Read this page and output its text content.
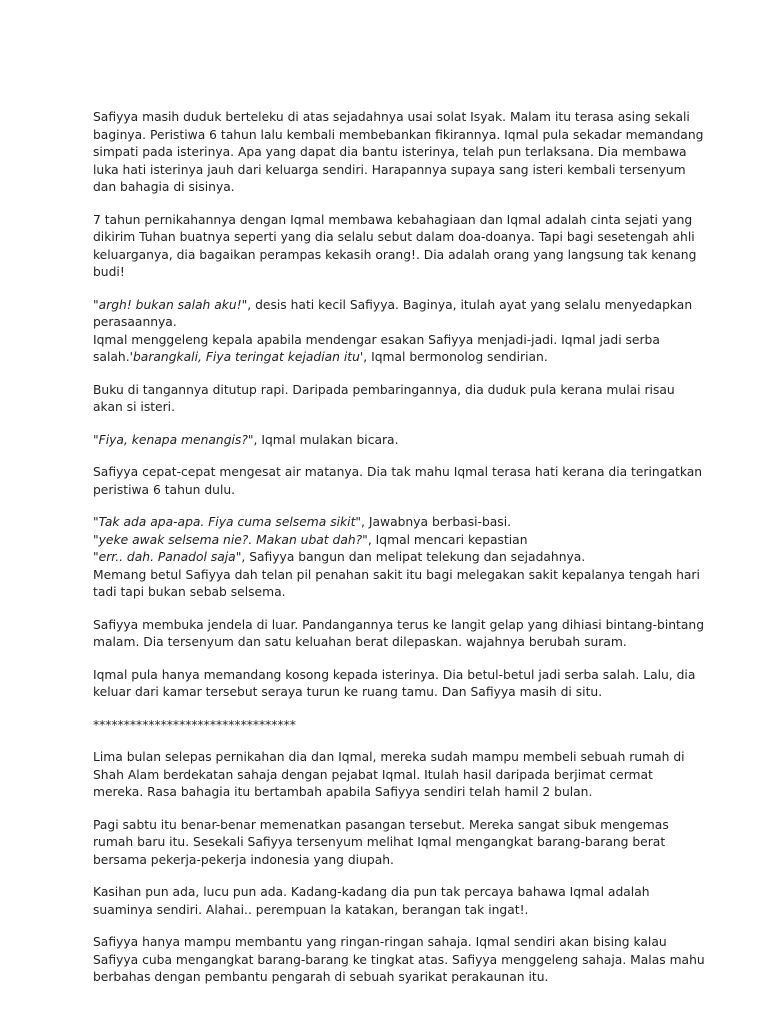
Safiyya masih duduk berteleku di atas sejadahnya usai solat Isyak. Malam itu terasa asing sekali
baginya. Peristiwa 6 tahun lalu kembali membebankan fikirannya. Iqmal pula sekadar memandang
simpati pada isterinya. Apa yang dapat dia bantu isterinya, telah pun terlaksana. Dia membawa
luka hati isterinya jauh dari keluarga sendiri. Harapannya supaya sang isteri kembali tersenyum
dan bahagia di sisinya.
7 tahun pernikahannya dengan Iqmal membawa kebahagiaan dan Iqmal adalah cinta sejati yang
dikirim Tuhan buatnya seperti yang dia selalu sebut dalam doa-doanya. Tapi bagi sesetengah ahli
keluarganya, dia bagaikan perampas kekasih orang!. Dia adalah orang yang langsung tak kenang
budi!
"argh! bukan salah aku!", desis hati kecil Safiyya. Baginya, itulah ayat yang selalu menyedapkan
perasaannya.
Iqmal menggeleng kepala apabila mendengar esakan Safiyya menjadi-jadi. Iqmal jadi serba
salah.'barangkali, Fiya teringat kejadian itu', Iqmal bermonolog sendirian.
Buku di tangannya ditutup rapi. Daripada pembaringannya, dia duduk pula kerana mulai risau
akan si isteri.
"Fiya, kenapa menangis?", Iqmal mulakan bicara.
Safiyya cepat-cepat mengesat air matanya. Dia tak mahu Iqmal terasa hati kerana dia teringatkan
peristiwa 6 tahun dulu.
"Tak ada apa-apa. Fiya cuma selsema sikit", Jawabnya berbasi-basi.
"yeke awak selsema nie?. Makan ubat dah?", Iqmal mencari kepastian
"err.. dah. Panadol saja", Safiyya bangun dan melipat telekung dan sejadahnya.
Memang betul Safiyya dah telan pil penahan sakit itu bagi melegakan sakit kepalanya tengah hari
tadi tapi bukan sebab selsema.
Safiyya membuka jendela di luar. Pandangannya terus ke langit gelap yang dihiasi bintang-bintang
malam. Dia tersenyum dan satu keluahan berat dilepaskan. wajahnya berubah suram.
Iqmal pula hanya memandang kosong kepada isterinya. Dia betul-betul jadi serba salah. Lalu, dia
keluar dari kamar tersebut seraya turun ke ruang tamu. Dan Safiyya masih di situ.
*********************************
Lima bulan selepas pernikahan dia dan Iqmal, mereka sudah mampu membeli sebuah rumah di
Shah Alam berdekatan sahaja dengan pejabat Iqmal. Itulah hasil daripada berjimat cermat
mereka. Rasa bahagia itu bertambah apabila Safiyya sendiri telah hamil 2 bulan.
Pagi sabtu itu benar-benar memenatkan pasangan tersebut. Mereka sangat sibuk mengemas
rumah baru itu. Sesekali Safiyya tersenyum melihat Iqmal mengangkat barang-barang berat
bersama pekerja-pekerja indonesia yang diupah.
Kasihan pun ada, lucu pun ada. Kadang-kadang dia pun tak percaya bahawa Iqmal adalah
suaminya sendiri. Alahai.. perempuan la katakan, berangan tak ingat!.
Safiyya hanya mampu membantu yang ringan-ringan sahaja. Iqmal sendiri akan bising kalau
Safiyya cuba mengangkat barang-barang ke tingkat atas. Safiyya menggeleng sahaja. Malas mahu
berbahas dengan pembantu pengarah di sebuah syarikat perakaunan itu.
